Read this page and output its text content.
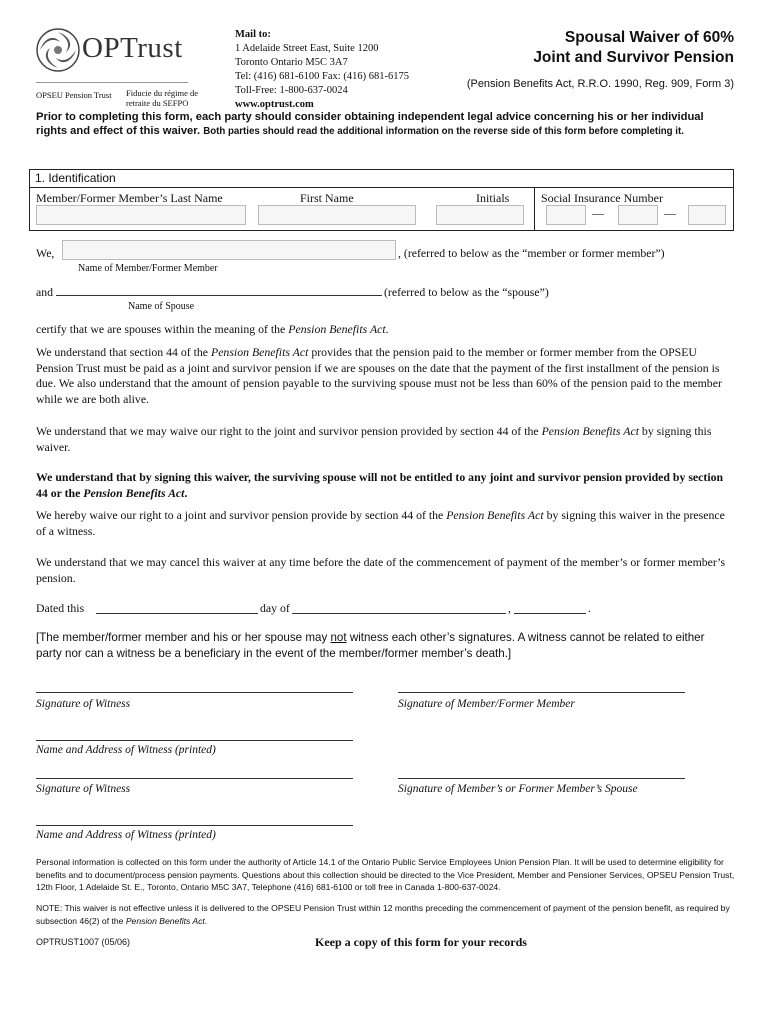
OPTrust
OPSEU Pension Trust Fiducie du régime de retraite du SEFPO
Mail to:
1 Adelaide Street East, Suite 1200
Toronto Ontario M5C 3A7
Tel: (416) 681-6100 Fax: (416) 681-6175
Toll-Free: 1-800-637-0024
www.optrust.com
Spousal Waiver of 60%
Joint and Survivor Pension
(Pension Benefits Act, R.R.O. 1990, Reg. 909, Form 3)
Prior to completing this form, each party should consider obtaining independent legal advice concerning his or her individual rights and effect of this waiver. Both parties should read the additional information on the reverse side of this form before completing it.
1. Identification
Member/Former Member’s Last Name	First Name	Initials	Social Insurance Number
—	—
We,	, (referred to below as the “member or former member”)
Name of Member/Former Member
and	(referred to below as the “spouse”)
Name of Spouse
certify that we are spouses within the meaning of the Pension Benefits Act.
We understand that section 44 of the Pension Benefits Act provides that the pension paid to the member or former member from the OPSEU Pension Trust must be paid as a joint and survivor pension if we are spouses on the date that the payment of the first installment of the pension is due. We also understand that the amount of pension payable to the surviving spouse must not be less than 60% of the pension paid to the member while we are both alive.
We understand that we may waive our right to the joint and survivor pension provided by section 44 of the Pension Benefits Act by signing this waiver.
We understand that by signing this waiver, the surviving spouse will not be entitled to any joint and survivor pension provided by section 44 or the Pension Benefits Act.
We hereby waive our right to a joint and survivor pension provide by section 44 of the Pension Benefits Act by signing this waiver in the presence of a witness.
We understand that we may cancel this waiver at any time before the date of the commencement of payment of the member’s or former member’s pension.
Dated this	day of	,	.
[The member/former member and his or her spouse may not witness each other’s signatures. A witness cannot be related to either party nor can a witness be a beneficiary in the event of the member/former member’s death.]
Signature of Witness	Signature of Member/Former Member
Name and Address of Witness (printed)
Signature of Witness	Signature of Member’s or Former Member’s Spouse
Name and Address of Witness (printed)
Personal information is collected on this form under the authority of Article 14.1 of the Ontario Public Service Employees Union Pension Plan. It will be used to determine eligibility for benefits and to document/process pension payments. Questions about this collection should be directed to the Vice President, Member and Pensioner Services, OPSEU Pension Trust, 12th Floor, 1 Adelaide St. E., Toronto, Ontario M5C 3A7, Telephone (416) 681-6100 or toll free in Canada 1-800-637-0024.
NOTE: This waiver is not effective unless it is delivered to the OPSEU Pension Trust within 12 months preceding the commencement of payment of the pension benefit, as required by subsection 46(2) of the Pension Benefits Act.
OPTRUST1007 (05/06)	Keep a copy of this form for your records
